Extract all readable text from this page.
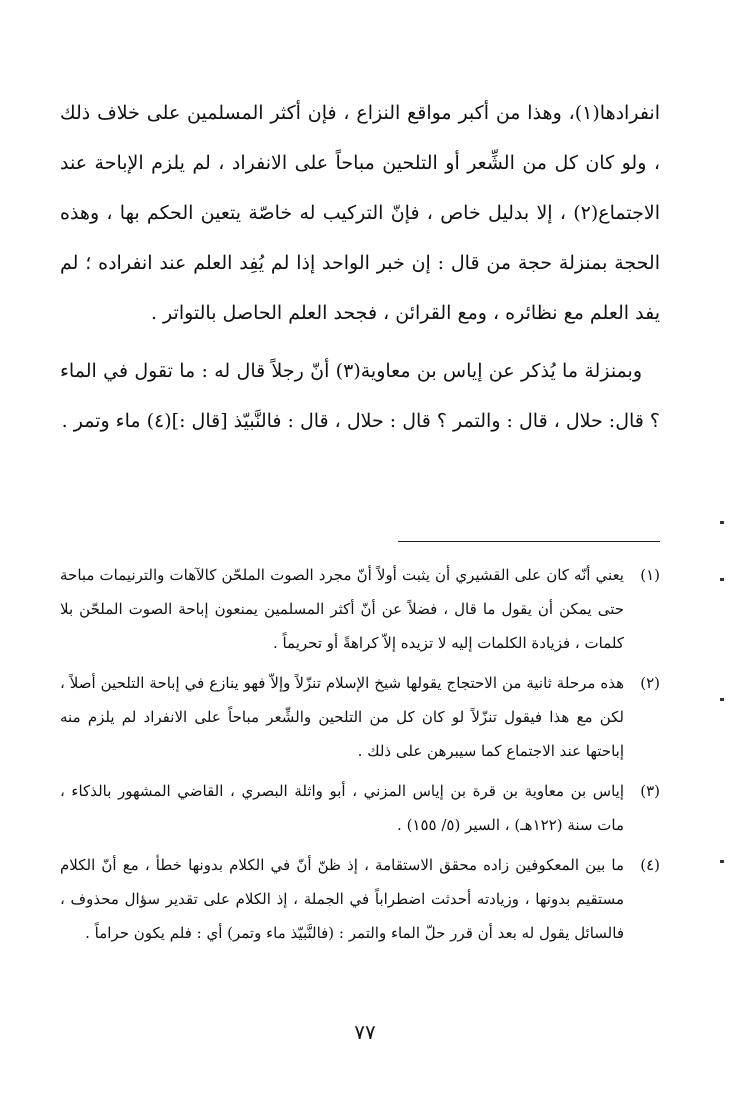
انفرادها(١)، وهذا من أكبر مواقع النزاع ، فإن أكثر المسلمين على خلاف ذلك ، ولو كان كل من الشِّعر أو التلحين مباحاً على الانفراد ، لم يلزم الإباحة عند الاجتماع(٢) ، إلا بدليل خاص ، فإنّ التركيب له خاصّة يتعين الحكم بها ، وهذه الحجة بمنزلة حجة من قال : إن خبر الواحد إذا لم يُفِد العلم عند انفراده ؛ لم يفد العلم مع نظائره ، ومع القرائن ، فجحد العلم الحاصل بالتواتر .

وبمنزلة ما يُذكر عن إياس بن معاوية(٣) أنّ رجلاً قال له : ما تقول في الماء ؟ قال: حلال ، قال : والتمر ؟ قال : حلال ، قال : فالنَّبيّذ [قال :](٤) ماء وتمر .

(١)
يعني أنّه كان على القشيري أن يثبت أولاً أنّ مجرد الصوت الملحّن كالآهات والترنيمات مباحة حتى يمكن أن يقول ما قال ، فضلاً عن أنّ أكثر المسلمين يمنعون إباحة الصوت الملحّن بلا كلمات ، فزيادة الكلمات إليه لا تزيده إلاّ كراهةً أو تحريماً .
(٢)
هذه مرحلة ثانية من الاحتجاج يقولها شيخ الإسلام تنزّلاً وإلاّ فهو ينازع في إباحة التلحين أصلاً ، لكن مع هذا فيقول تنزّلاً لو كان كل من التلحين والشِّعر مباحاً على الانفراد لم يلزم منه إباحتها عند الاجتماع كما سيبرهن على ذلك .
(٣)
إياس بن معاوية بن قرة بن إياس المزني ، أبو واثلة البصري ، القاضي المشهور بالذكاء ، مات سنة (١٢٢هـ) ، السير (٥/ ١٥٥) .
(٤)
ما بين المعكوفين زاده محقق الاستقامة ، إذ ظنّ أنّ في الكلام بدونها خطأ ، مع أنّ الكلام مستقيم بدونها ، وزيادته أحدثت اضطراباً في الجملة ، إذ الكلام على تقدير سؤال محذوف ، فالسائل يقول له بعد أن قرر حلّ الماء والتمر : (فالنَّبيّذ ماء وتمر) أي : فلم يكون حراماً .
٧٧
